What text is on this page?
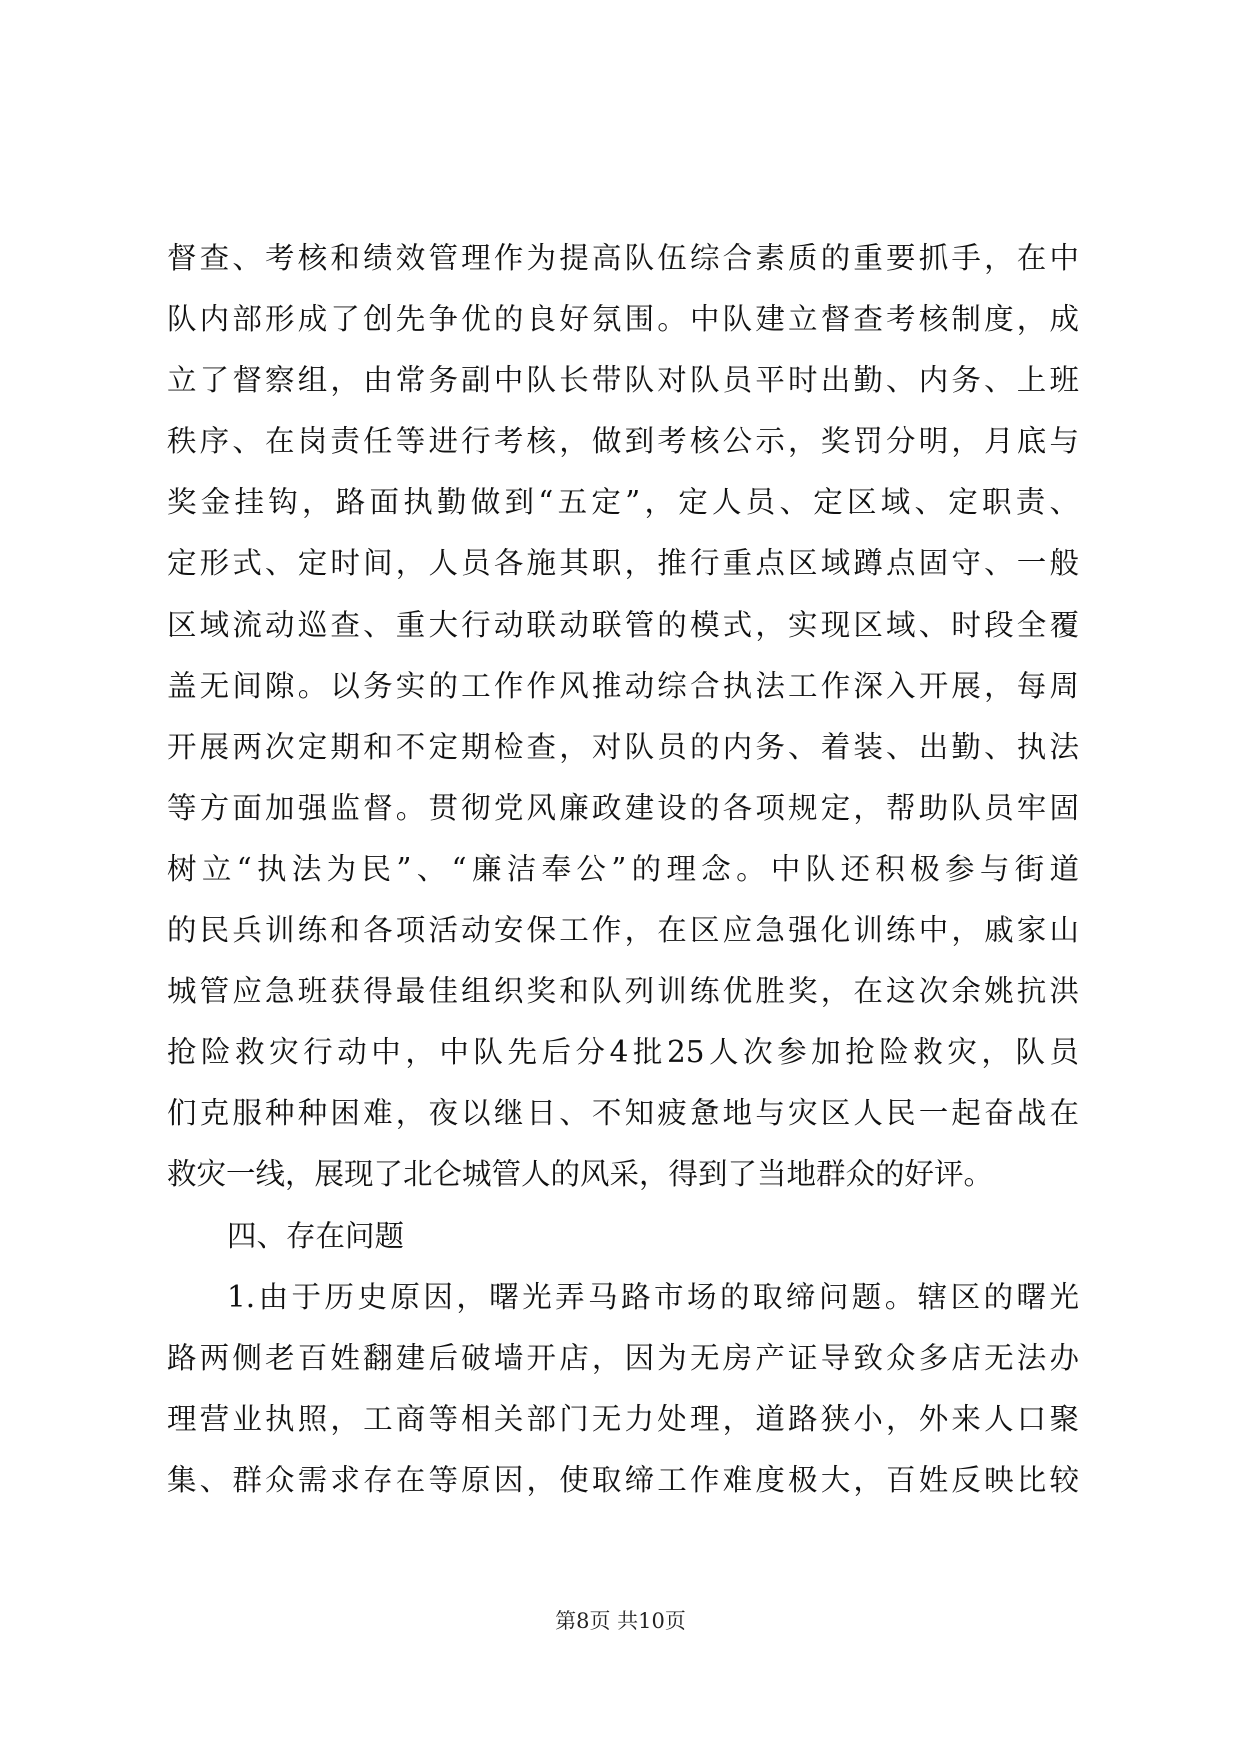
督查、考核和绩效管理作为提高队伍综合素质的重要抓手，在中
队内部形成了创先争优的良好氛围。中队建立督查考核制度，成
立了督察组，由常务副中队长带队对队员平时出勤、内务、上班
秩序、在岗责任等进行考核，做到考核公示，奖罚分明，月底与
奖金挂钩，路面执勤做到“五定”，定人员、定区域、定职责、
定形式、定时间，人员各施其职，推行重点区域蹲点固守、一般
区域流动巡查、重大行动联动联管的模式，实现区域、时段全覆
盖无间隙。以务实的工作作风推动综合执法工作深入开展，每周
开展两次定期和不定期检查，对队员的内务、着装、出勤、执法
等方面加强监督。贯彻党风廉政建设的各项规定，帮助队员牢固
树立“执法为民”、“廉洁奉公”的理念。中队还积极参与街道
的民兵训练和各项活动安保工作，在区应急强化训练中，戚家山
城管应急班获得最佳组织奖和队列训练优胜奖，在这次余姚抗洪
抢险救灾行动中，中队先后分4批25人次参加抢险救灾，队员
们克服种种困难，夜以继日、不知疲惫地与灾区人民一起奋战在
救灾一线，展现了北仑城管人的风采，得到了当地群众的好评。
四、存在问题
1.由于历史原因，曙光弄马路市场的取缔问题。辖区的曙光
路两侧老百姓翻建后破墙开店，因为无房产证导致众多店无法办
理营业执照，工商等相关部门无力处理，道路狭小，外来人口聚
集、群众需求存在等原因，使取缔工作难度极大，百姓反映比较
第8页 共10页
